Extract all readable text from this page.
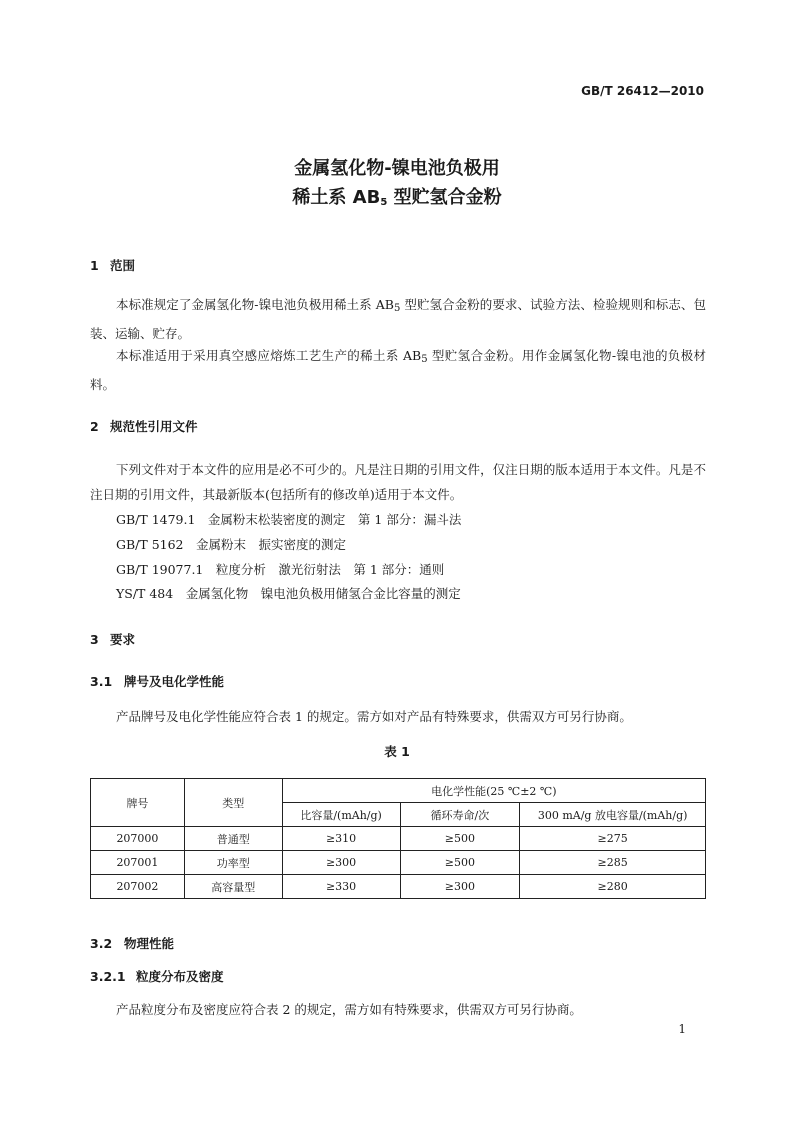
GB/T 26412—2010
金属氢化物-镍电池负极用
稀土系 $AB_5$ 型贮氢合金粉
1 范围
本标准规定了金属氢化物-镍电池负极用稀土系 $AB_5$ 型贮氢合金粉的要求、试验方法、检验规则和标志、包装、运输、贮存。
本标准适用于采用真空感应熔炼工艺生产的稀土系 $AB_5$ 型贮氢合金粉。用作金属氢化物-镍电池的负极材料。
2 规范性引用文件
下列文件对于本文件的应用是必不可少的。凡是注日期的引用文件，仅注日期的版本适用于本文件。凡是不注日期的引用文件，其最新版本(包括所有的修改单)适用于本文件。
GB/T 1479.1　金属粉末松装密度的测定　第 1 部分：漏斗法
GB/T 5162　金属粉末　振实密度的测定
GB/T 19077.1　粒度分析　激光衍射法　第 1 部分：通则
YS/T 484　金属氢化物　镍电池负极用储氢合金比容量的测定
3 要求
3.1 牌号及电化学性能
产品牌号及电化学性能应符合表 1 的规定。需方如对产品有特殊要求，供需双方可另行协商。
表 1
牌号	类型	电化学性能(25 ℃±2 ℃)		
		比容量/(mAh/g)	循环寿命/次	300 mA/g 放电容量/(mAh/g)
207000	普通型	≥310	≥500	≥275
207001	功率型	≥300	≥500	≥285
207002	高容量型	≥330	≥300	≥280
3.2 物理性能
3.2.1 粒度分布及密度
产品粒度分布及密度应符合表 2 的规定，需方如有特殊要求，供需双方可另行协商。
1
